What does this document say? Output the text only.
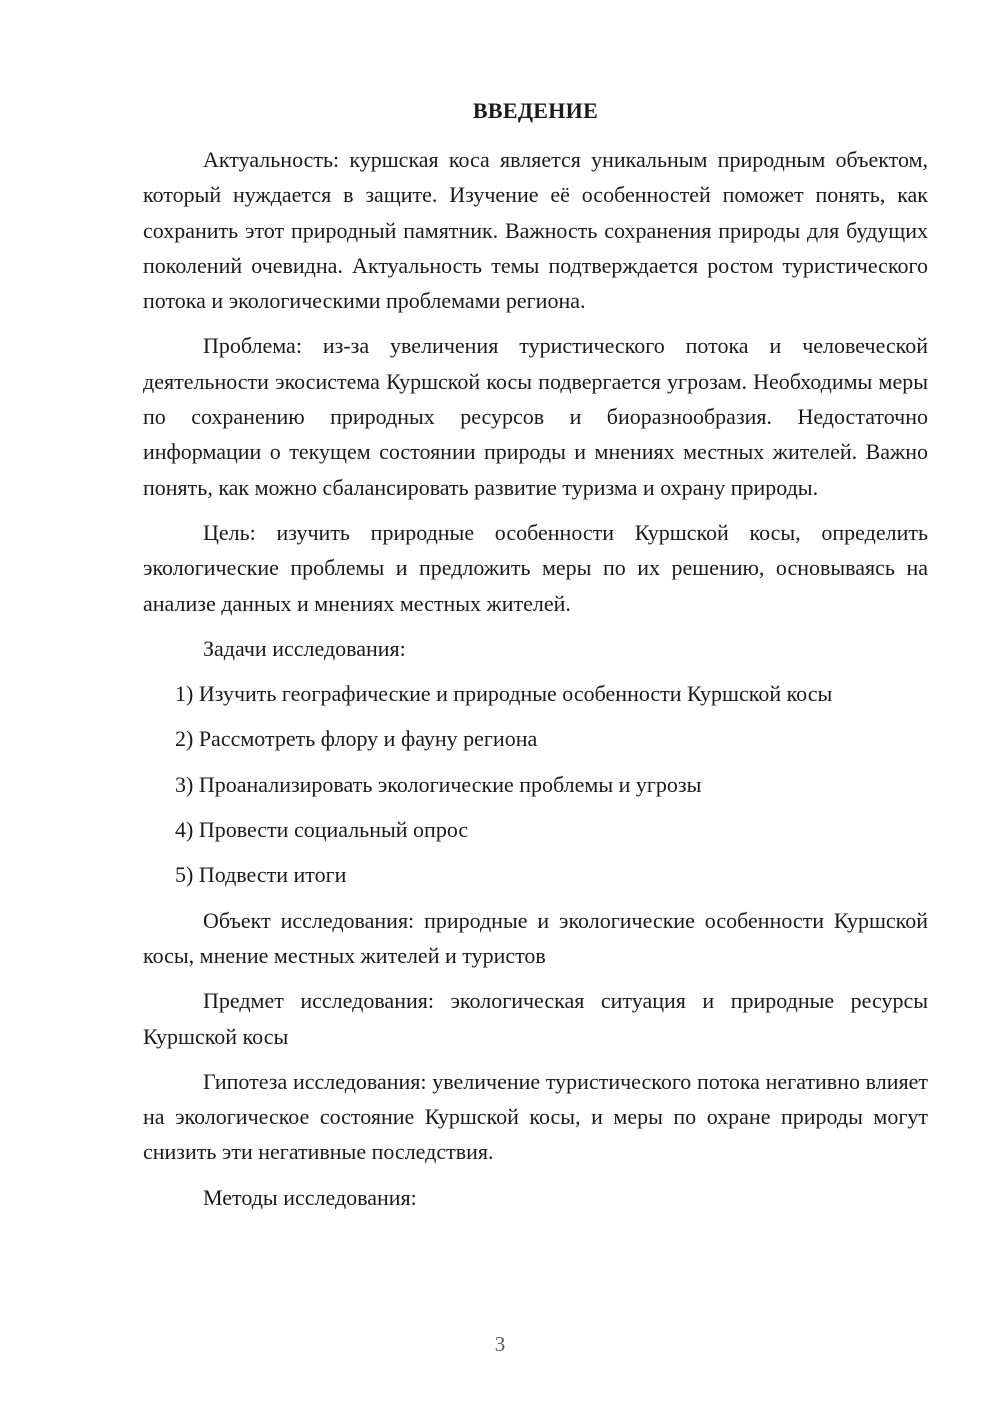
ВВЕДЕНИЕ

Актуальность: куршская коса является уникальным природным объектом, который нуждается в защите. Изучение её особенностей поможет понять, как сохранить этот природный памятник. Важность сохранения природы для будущих поколений очевидна. Актуальность темы подтверждается ростом туристического потока и экологическими проблемами региона.

Проблема: из-за увеличения туристического потока и человеческой деятельности экосистема Куршской косы подвергается угрозам. Необходимы меры по сохранению природных ресурсов и биоразнообразия. Недостаточно информации о текущем состоянии природы и мнениях местных жителей. Важно понять, как можно сбалансировать развитие туризма и охрану природы.

Цель: изучить природные особенности Куршской косы, определить экологические проблемы и предложить меры по их решению, основываясь на анализе данных и мнениях местных жителей.

Задачи исследования:

1) Изучить географические и природные особенности Куршской косы
2) Рассмотреть флору и фауну региона
3) Проанализировать экологические проблемы и угрозы
4) Провести социальный опрос
5) Подвести итоги

Объект исследования: природные и экологические особенности Куршской косы, мнение местных жителей и туристов

Предмет исследования: экологическая ситуация и природные ресурсы Куршской косы

Гипотеза исследования: увеличение туристического потока негативно влияет на экологическое состояние Куршской косы, и меры по охране природы могут снизить эти негативные последствия.

Методы исследования:

3
